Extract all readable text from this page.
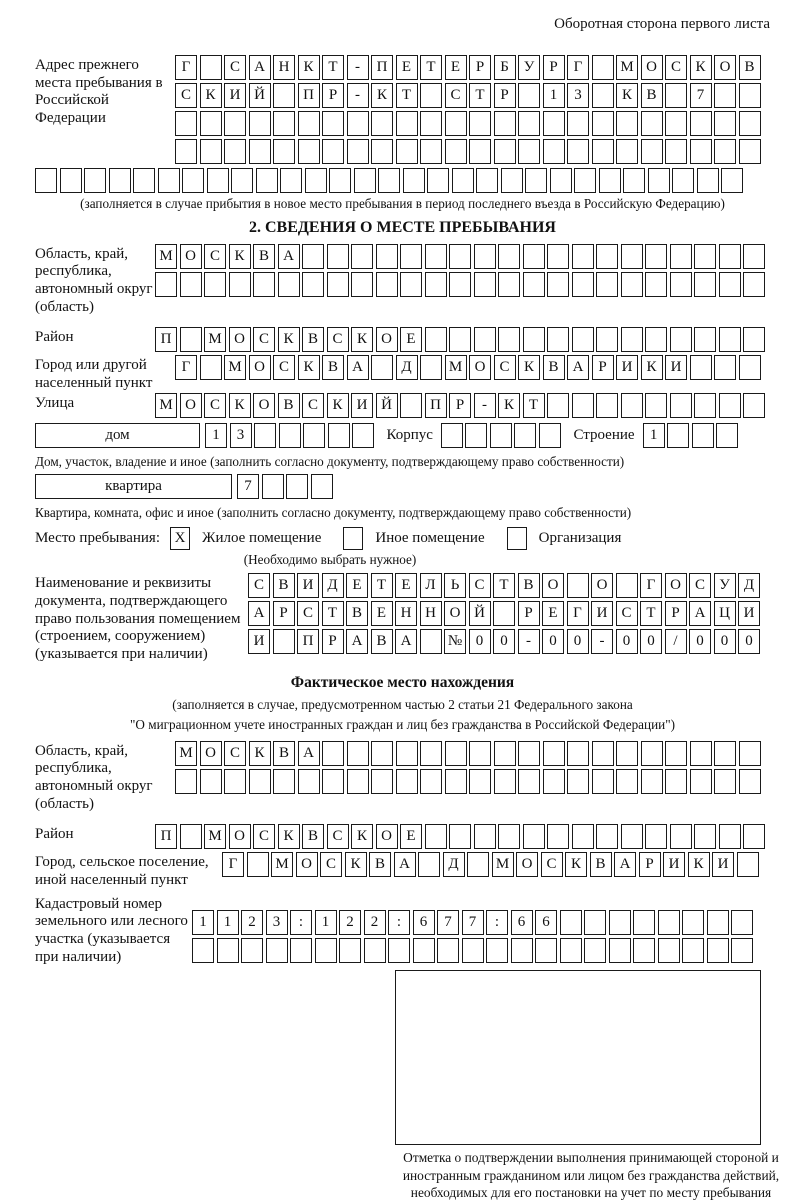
Оборотная сторона первого листа
Адрес прежнего места пребывания в Российской Федерации
Г	С А Н К Т	-	П Е	Т	Е	Р	Б У	Р	Г	М О С К О В
С К И Й	П Р	-	К Т	С Т	Р	1	3	К В	7
(заполняется в случае прибытия в новое место пребывания в период последнего въезда в Российскую Федерацию)
2. СВЕДЕНИЯ О МЕСТЕ ПРЕБЫВАНИЯ
Область, край, республика, автономный округ (область)
М О С К В А
Район	П	М О С К В С К О Е
Город или другой населенный пункт
Г	М О С К В А	Д	М О С К В А Р И К И
Улица	М О С К О В С К И Й	П Р	-	К Т
дом	1	3	Корпус	Строение	1
Дом, участок, владение и иное (заполнить согласно документу, подтверждающему право собственности)
квартира	7
Квартира, комната, офис и иное (заполнить согласно документу, подтверждающему право собственности)
Место пребывания: X	Жилое помещение	Иное помещение	Организация
(Необходимо выбрать нужное)
Наименование и реквизиты документа, подтверждающего право пользования помещением (строением, сооружением) (указывается при наличии)
С В И Д Е	Т	Е Л	Ь	С Т В О	О	Г О С У Д
А Р	С Т В Е Н Н О Й	Р	Е	Г И С Т	Р А Ц И
И	П Р А В А	№ 0	0	-	0	0	-	0	0	/	0	0	0
Фактическое место нахождения
(заполняется в случае, предусмотренном частью 2 статьи 21 Федерального закона
"О миграционном учете иностранных граждан и лиц без гражданства в Российской Федерации")
Область, край, республика, автономный округ (область)
М О С К В А
Район	П	М О С К В С К О Е
Город, сельское поселение, иной населенный пункт
Г	М О С К В А	Д	М О С К В А Р И К И
Кадастровый номер земельного или лесного участка (указывается при наличии)
1	1	2	3	:	1	2	2	:	6	7	7	:	6	6
Отметка о подтверждении выполнения принимающей стороной и иностранным гражданином или лицом без гражданства действий, необходимых для его постановки на учет по месту пребывания
